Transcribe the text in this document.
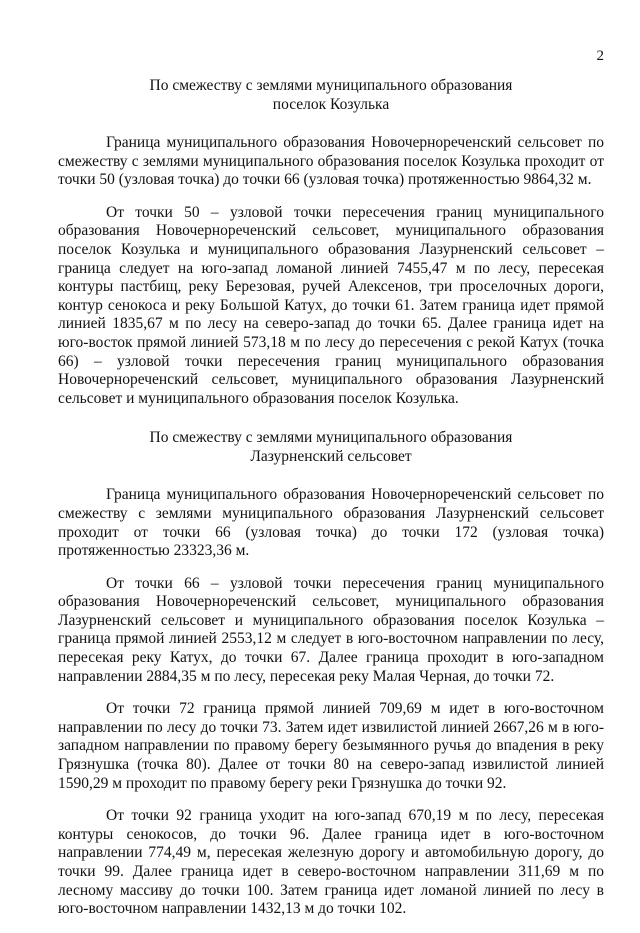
2
По смежеству с землями муниципального образования
поселок Козулька

Граница муниципального образования Новочернореченский сельсовет по смежеству с землями муниципального образования поселок Козулька проходит от точки 50 (узловая точка) до точки 66 (узловая точка) протяженностью 9864,32 м.

От точки 50 – узловой точки пересечения границ муниципального образования Новочернореченский сельсовет, муниципального образования поселок Козулька и муниципального образования Лазурненский сельсовет – граница следует на юго-запад ломаной линией 7455,47 м по лесу, пересекая контуры пастбищ, реку Березовая, ручей Алексенов, три проселочных дороги, контур сенокоса и реку Большой Катух, до точки 61. Затем граница идет прямой линией 1835,67 м по лесу на северо-запад до точки 65. Далее граница идет на юго-восток прямой линией 573,18 м по лесу до пересечения с рекой Катух (точка 66) – узловой точки пересечения границ муниципального образования Новочернореченский сельсовет, муниципального образования Лазурненский сельсовет и муниципального образования поселок Козулька.

По смежеству с землями муниципального образования
Лазурненский сельсовет

Граница муниципального образования Новочернореченский сельсовет по смежеству с землями муниципального образования Лазурненский сельсовет проходит от точки 66 (узловая точка) до точки 172 (узловая точка) протяженностью 23323,36 м.

От точки 66 – узловой точки пересечения границ муниципального образования Новочернореченский сельсовет, муниципального образования Лазурненский сельсовет и муниципального образования поселок Козулька – граница прямой линией 2553,12 м следует в юго-восточном направлении по лесу, пересекая реку Катух, до точки 67. Далее граница проходит в юго-западном направлении 2884,35 м по лесу, пересекая реку Малая Черная, до точки 72.

От точки 72 граница прямой линией 709,69 м идет в юго-восточном направлении по лесу до точки 73. Затем идет извилистой линией 2667,26 м в юго-западном направлении по правому берегу безымянного ручья до впадения в реку Грязнушка (точка 80). Далее от точки 80 на северо-запад извилистой линией 1590,29 м проходит по правому берегу реки Грязнушка до точки 92.

От точки 92 граница уходит на юго-запад 670,19 м по лесу, пересекая контуры сенокосов, до точки 96. Далее граница идет в юго-восточном направлении 774,49 м, пересекая железную дорогу и автомобильную дорогу, до точки 99. Далее граница идет в северо-восточном направлении 311,69 м по лесному массиву до точки 100. Затем граница идет ломаной линией по лесу в юго-восточном направлении 1432,13 м до точки 102.
